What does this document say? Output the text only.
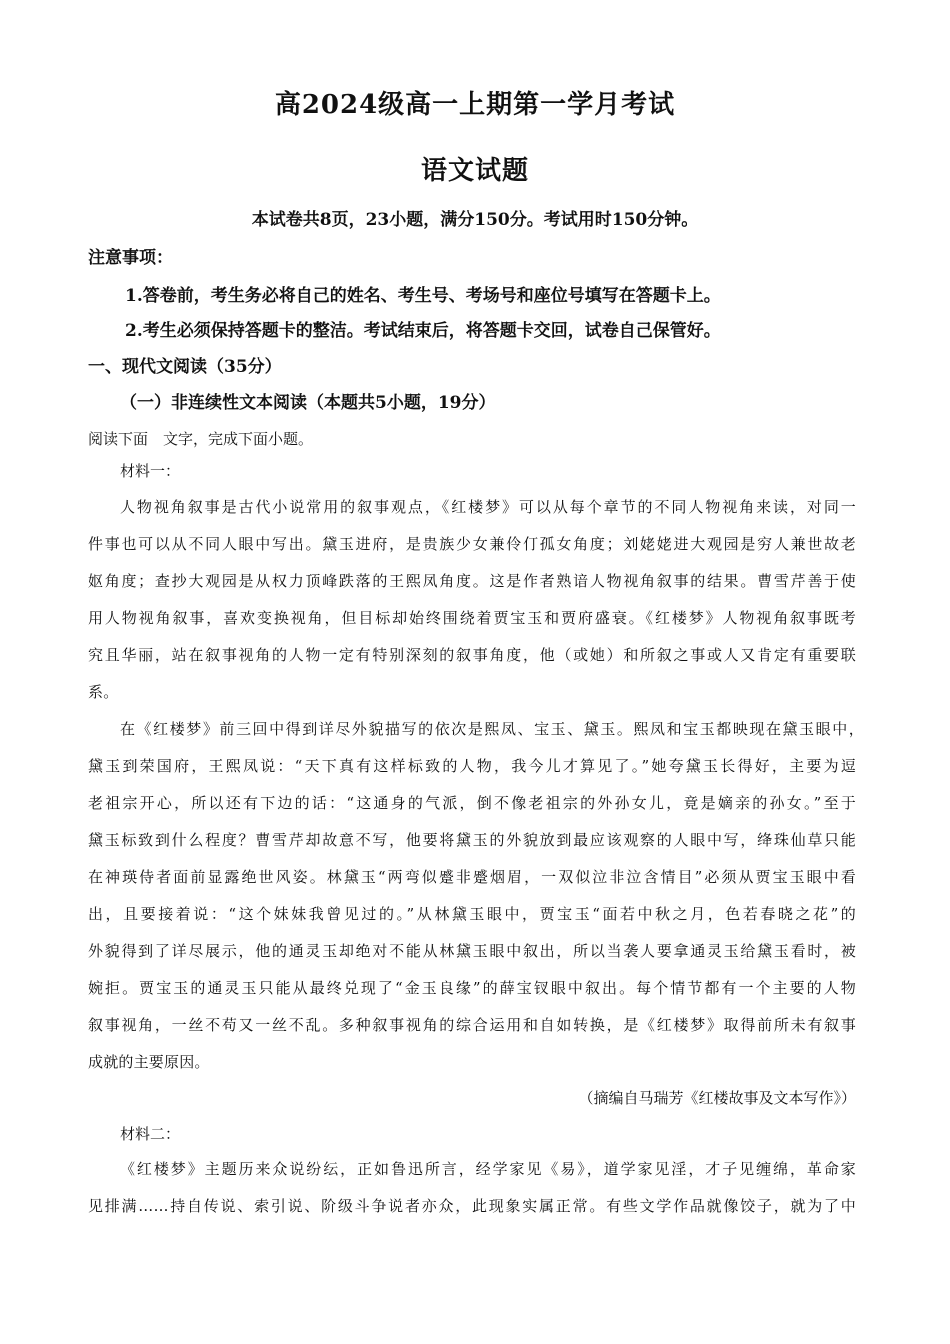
高2024级高一上期第一学月考试
语文试题
本试卷共8页，23小题，满分150分。考试用时150分钟。
注意事项：
1.答卷前，考生务必将自己的姓名、考生号、考场号和座位号填写在答题卡上。
2.考生必须保持答题卡的整洁。考试结束后，将答题卡交回，试卷自己保管好。
一、现代文阅读（35分）
（一）非连续性文本阅读（本题共5小题，19分）
阅读下面　文字，完成下面小题。
材料一：
人物视角叙事是古代小说常用的叙事观点，《红楼梦》可以从每个章节的不同人物视角来读，对同一
件事也可以从不同人眼中写出。黛玉进府，是贵族少女兼伶仃孤女角度；刘姥姥进大观园是穷人兼世故老
妪角度；查抄大观园是从权力顶峰跌落的王熙凤角度。这是作者熟谙人物视角叙事的结果。曹雪芹善于使
用人物视角叙事，喜欢变换视角，但目标却始终围绕着贾宝玉和贾府盛衰。《红楼梦》人物视角叙事既考
究且华丽，站在叙事视角的人物一定有特别深刻的叙事角度，他（或她）和所叙之事或人又肯定有重要联
系。
在《红楼梦》前三回中得到详尽外貌描写的依次是熙凤、宝玉、黛玉。熙凤和宝玉都映现在黛玉眼中，
黛玉到荣国府，王熙凤说：“天下真有这样标致的人物，我今儿才算见了。”她夸黛玉长得好，主要为逗
老祖宗开心，所以还有下边的话：“这通身的气派，倒不像老祖宗的外孙女儿，竟是嫡亲的孙女。”至于
黛玉标致到什么程度？曹雪芹却故意不写，他要将黛玉的外貌放到最应该观察的人眼中写，绛珠仙草只能
在神瑛侍者面前显露绝世风姿。林黛玉“两弯似蹙非蹙烟眉，一双似泣非泣含情目”必须从贾宝玉眼中看
出，且要接着说：“这个妹妹我曾见过的。”从林黛玉眼中，贾宝玉“面若中秋之月，色若春晓之花”的
外貌得到了详尽展示，他的通灵玉却绝对不能从林黛玉眼中叙出，所以当袭人要拿通灵玉给黛玉看时，被
婉拒。贾宝玉的通灵玉只能从最终兑现了“金玉良缘”的薛宝钗眼中叙出。每个情节都有一个主要的人物
叙事视角，一丝不苟又一丝不乱。多种叙事视角的综合运用和自如转换，是《红楼梦》取得前所未有叙事
成就的主要原因。
（摘编自马瑞芳《红楼故事及文本写作》）
材料二：
《红楼梦》主题历来众说纷纭，正如鲁迅所言，经学家见《易》，道学家见淫，才子见缠绵，革命家
见排满……持自传说、索引说、阶级斗争说者亦众，此现象实属正常。有些文学作品就像饺子，就为了中
